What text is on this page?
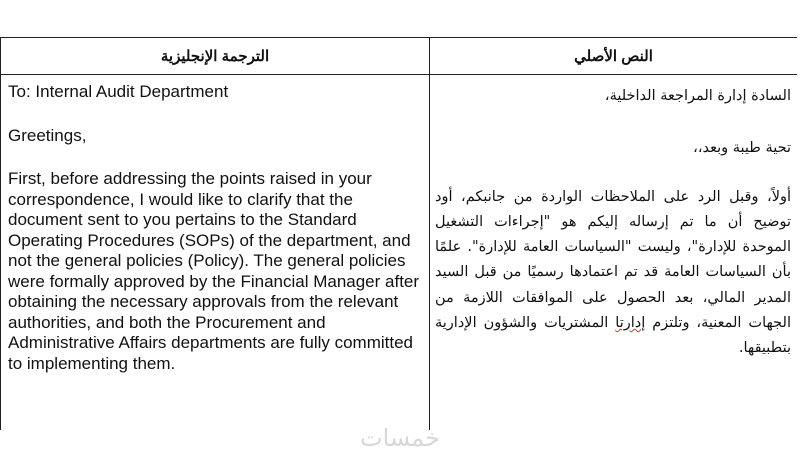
الترجمة الإنجليزية	النص الأصلي

To: Internal Audit Department

Greetings,

First, before addressing the points raised in your correspondence, I would like to clarify that the document sent to you pertains to the Standard Operating Procedures (SOPs) of the department, and not the general policies (Policy). The general policies were formally approved by the Financial Manager after obtaining the necessary approvals from the relevant authorities, and both the Procurement and Administrative Affairs departments are fully committed to implementing them.

السادة إدارة المراجعة الداخلية،

تحية طيبة وبعد،،

أولاً، وقبل الرد على الملاحظات الواردة من جانبكم، أود توضيح أن ما تم إرساله إليكم هو "إجراءات التشغيل الموحدة للإدارة"، وليست "السياسات العامة للإدارة". علمًا بأن السياسات العامة قد تم اعتمادها رسميًا من قبل السيد المدير المالي، بعد الحصول على الموافقات اللازمة من الجهات المعنية، وتلتزم إدارتا المشتريات والشؤون الإدارية بتطبيقها.

خمسات
